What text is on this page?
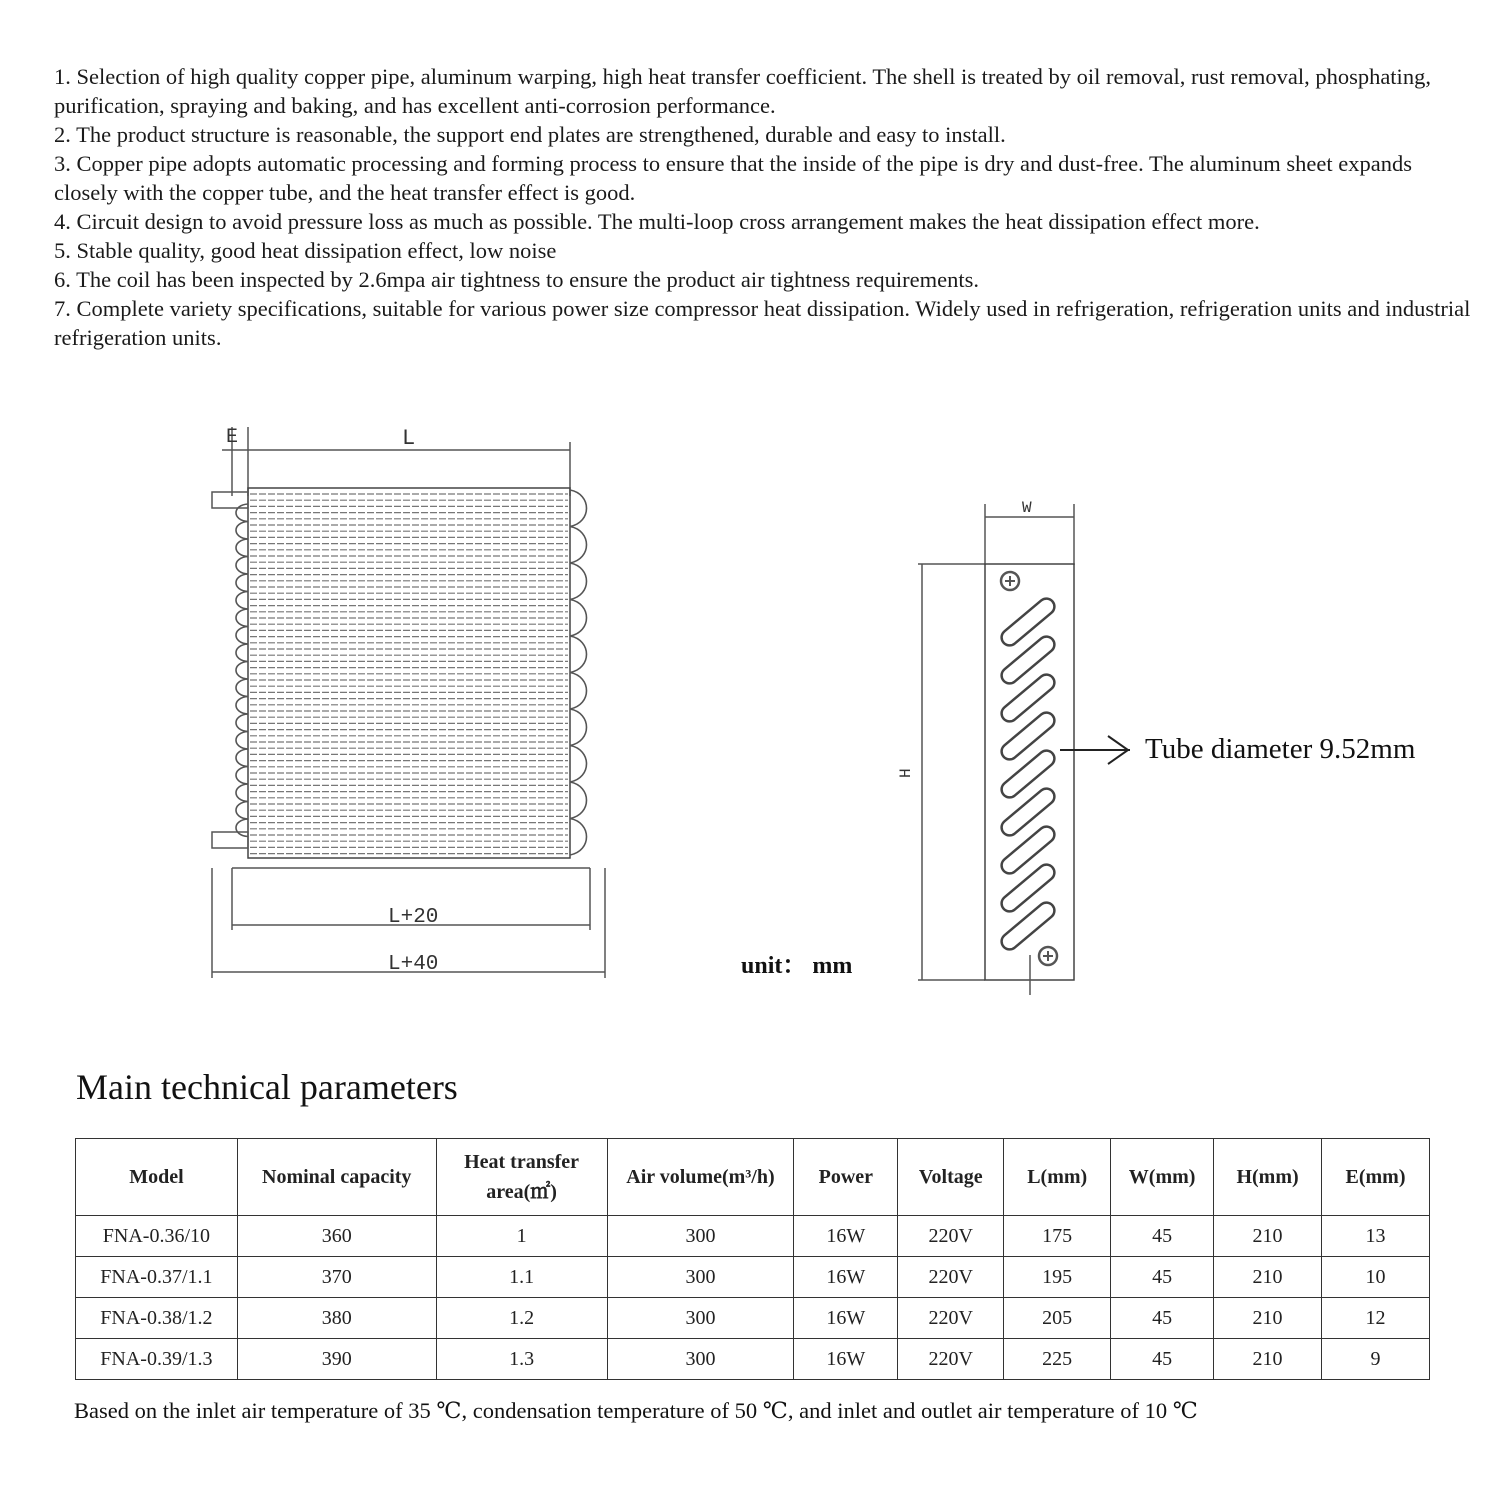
1. Selection of high quality copper pipe, aluminum warping, high heat transfer coefficient. The shell is treated by oil removal, rust removal, phosphating, purification, spraying and baking, and has excellent anti-corrosion performance.

2. The product structure is reasonable, the support end plates are strengthened, durable and easy to install.

3. Copper pipe adopts automatic processing and forming process to ensure that the inside of the pipe is dry and dust-free. The aluminum sheet expands closely with the copper tube, and the heat transfer effect is good.

4. Circuit design to avoid pressure loss as much as possible. The multi-loop cross arrangement makes the heat dissipation effect more.

5. Stable quality, good heat dissipation effect, low noise

6. The coil has been inspected by 2.6mpa air tightness to ensure the product air tightness requirements.

7. Complete variety specifications, suitable for various power size compressor heat dissipation. Widely used in refrigeration, refrigeration units and industrial refrigeration units.

E	L
L+20
L+40
W
H
Tube diameter 9.52mm
unit： mm
Main technical parameters
Model	Nominal capacity	Heat transfer area(㎡)	Air volume(m³/h)	Power	Voltage	L(mm)	W(mm)	H(mm)	E(mm)
FNA-0.36/10	360	1	300	16W	220V	175	45	210	13
FNA-0.37/1.1	370	1.1	300	16W	220V	195	45	210	10
FNA-0.38/1.2	380	1.2	300	16W	220V	205	45	210	12
FNA-0.39/1.3	390	1.3	300	16W	220V	225	45	210	9

Based on the inlet air temperature of 35 ℃, condensation temperature of 50 ℃, and inlet and outlet air temperature of 10 ℃
